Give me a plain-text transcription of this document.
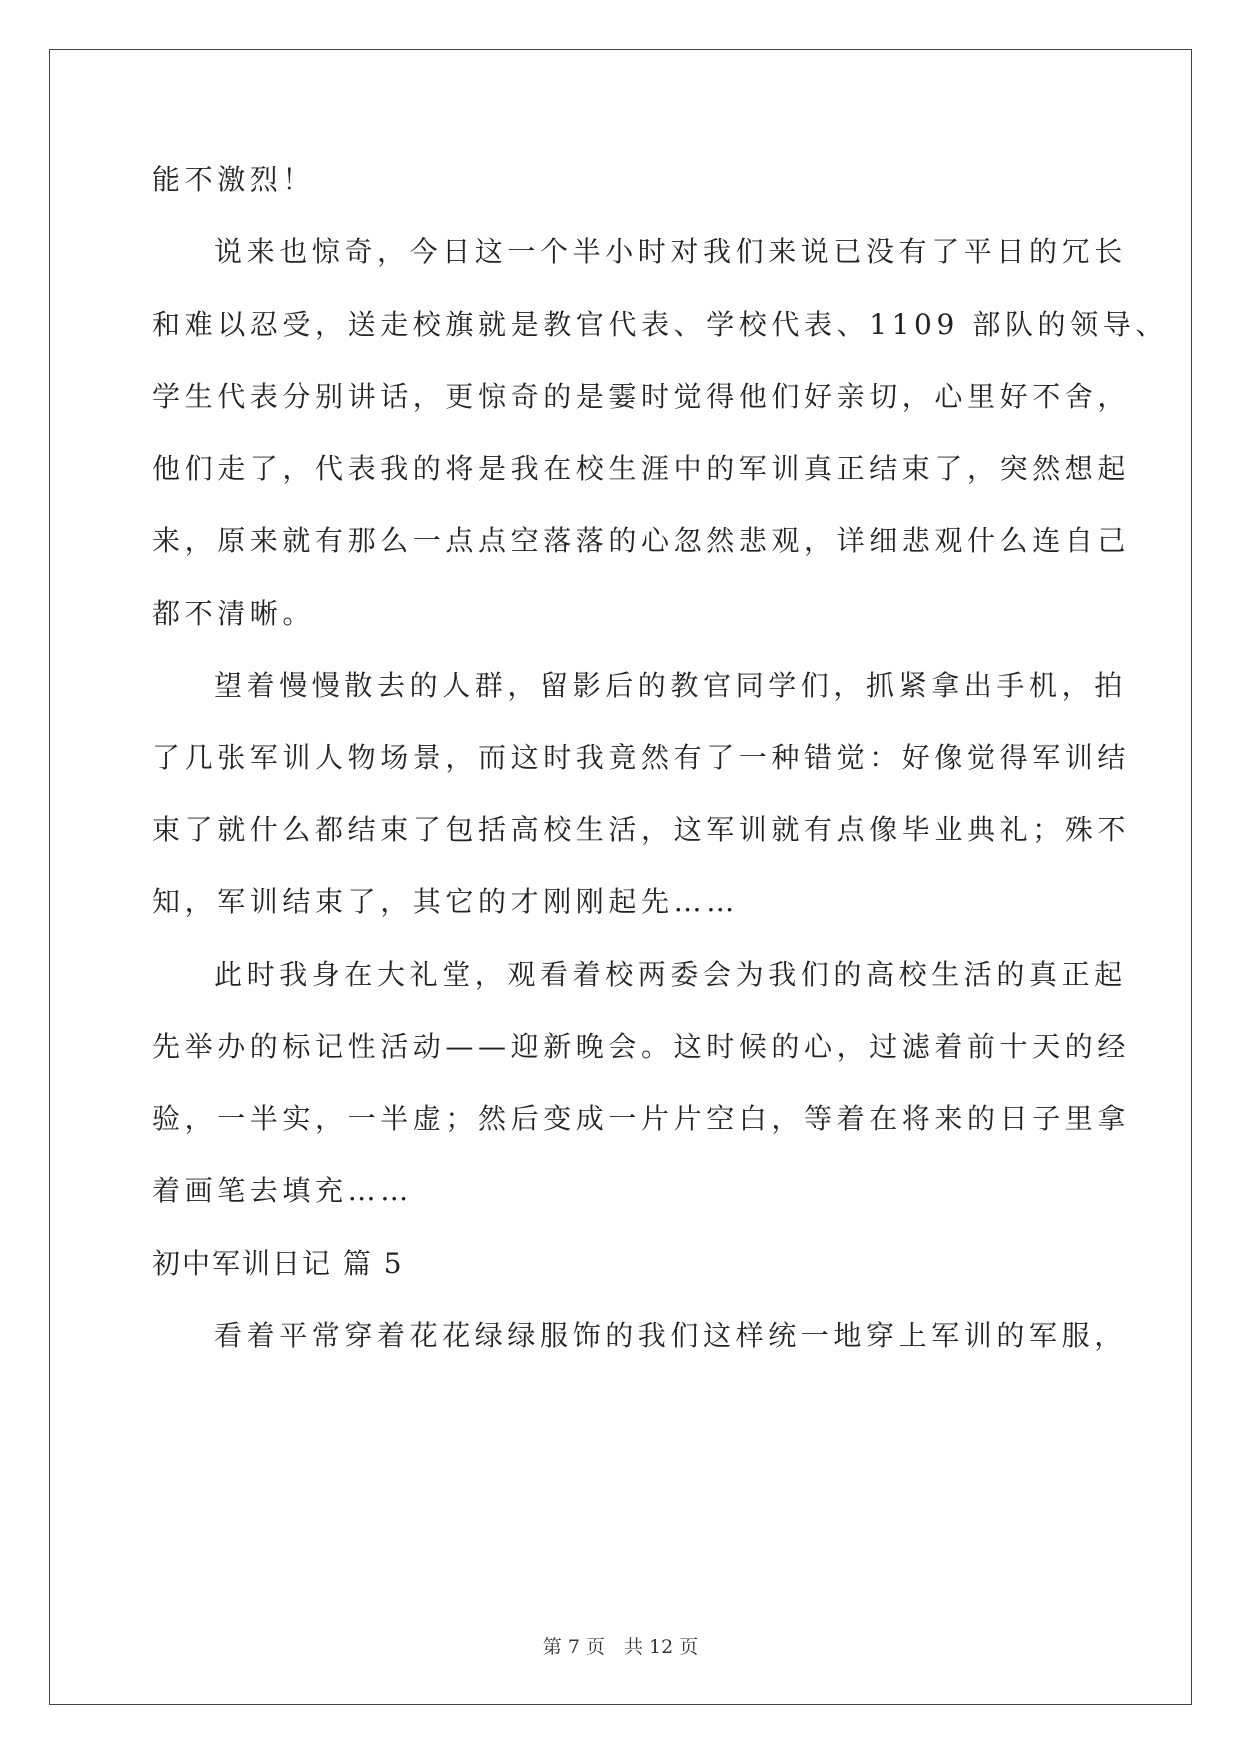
能不激烈！
说来也惊奇，今日这一个半小时对我们来说已没有了平日的冗长
和难以忍受，送走校旗就是教官代表、学校代表、1109 部队的领导、
学生代表分别讲话，更惊奇的是霎时觉得他们好亲切，心里好不舍，
他们走了，代表我的将是我在校生涯中的军训真正结束了，突然想起
来，原来就有那么一点点空落落的心忽然悲观，详细悲观什么连自己
都不清晰。
望着慢慢散去的人群，留影后的教官同学们，抓紧拿出手机，拍
了几张军训人物场景，而这时我竟然有了一种错觉：好像觉得军训结
束了就什么都结束了包括高校生活，这军训就有点像毕业典礼；殊不
知，军训结束了，其它的才刚刚起先……
此时我身在大礼堂，观看着校两委会为我们的高校生活的真正起
先举办的标记性活动——迎新晚会。这时候的心，过滤着前十天的经
验，一半实，一半虚；然后变成一片片空白，等着在将来的日子里拿
着画笔去填充……
初中军训日记 篇 5
看着平常穿着花花绿绿服饰的我们这样统一地穿上军训的军服，
第 7 页　共 12 页
